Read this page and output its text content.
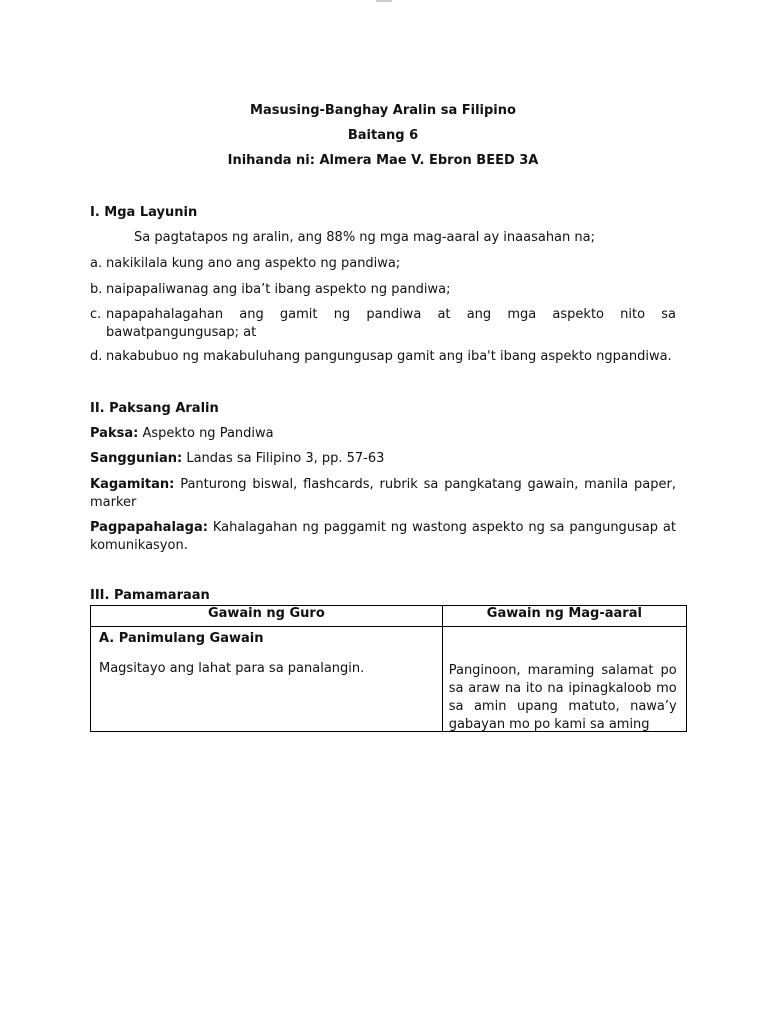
Masusing-Banghay Aralin sa Filipino
Baitang 6
Inihanda ni: Almera Mae V. Ebron BEED 3A
I. Mga Layunin
Sa pagtatapos ng aralin, ang 88% ng mga mag-aaral ay inaasahan na;
a. nakikilala kung ano ang aspekto ng pandiwa;
b. naipapaliwanag ang iba’t ibang aspekto ng pandiwa;
c. napapahalagahan ang gamit ng pandiwa at ang mga aspekto nito sa bawatpangungusap; at
d. nakabubuo ng makabuluhang pangungusap gamit ang iba't ibang aspekto ngpandiwa.
II. Paksang Aralin
Paksa: Aspekto ng Pandiwa
Sanggunian: Landas sa Filipino 3, pp. 57-63
Kagamitan: Panturong biswal, flashcards, rubrik sa pangkatang gawain, manila paper, marker
Pagpapahalaga: Kahalagahan ng paggamit ng wastong aspekto ng sa pangungusap at komunikasyon.
III. Pamamaraan
Gawain ng Guro	Gawain ng Mag-aaral

A. Panimulang Gawain
Magsitayo ang lahat para sa panalangin.	Panginoon, maraming salamat po sa araw na ito na ipinagkaloob mo sa amin upang matuto, nawa’y gabayan mo po kami sa aming
